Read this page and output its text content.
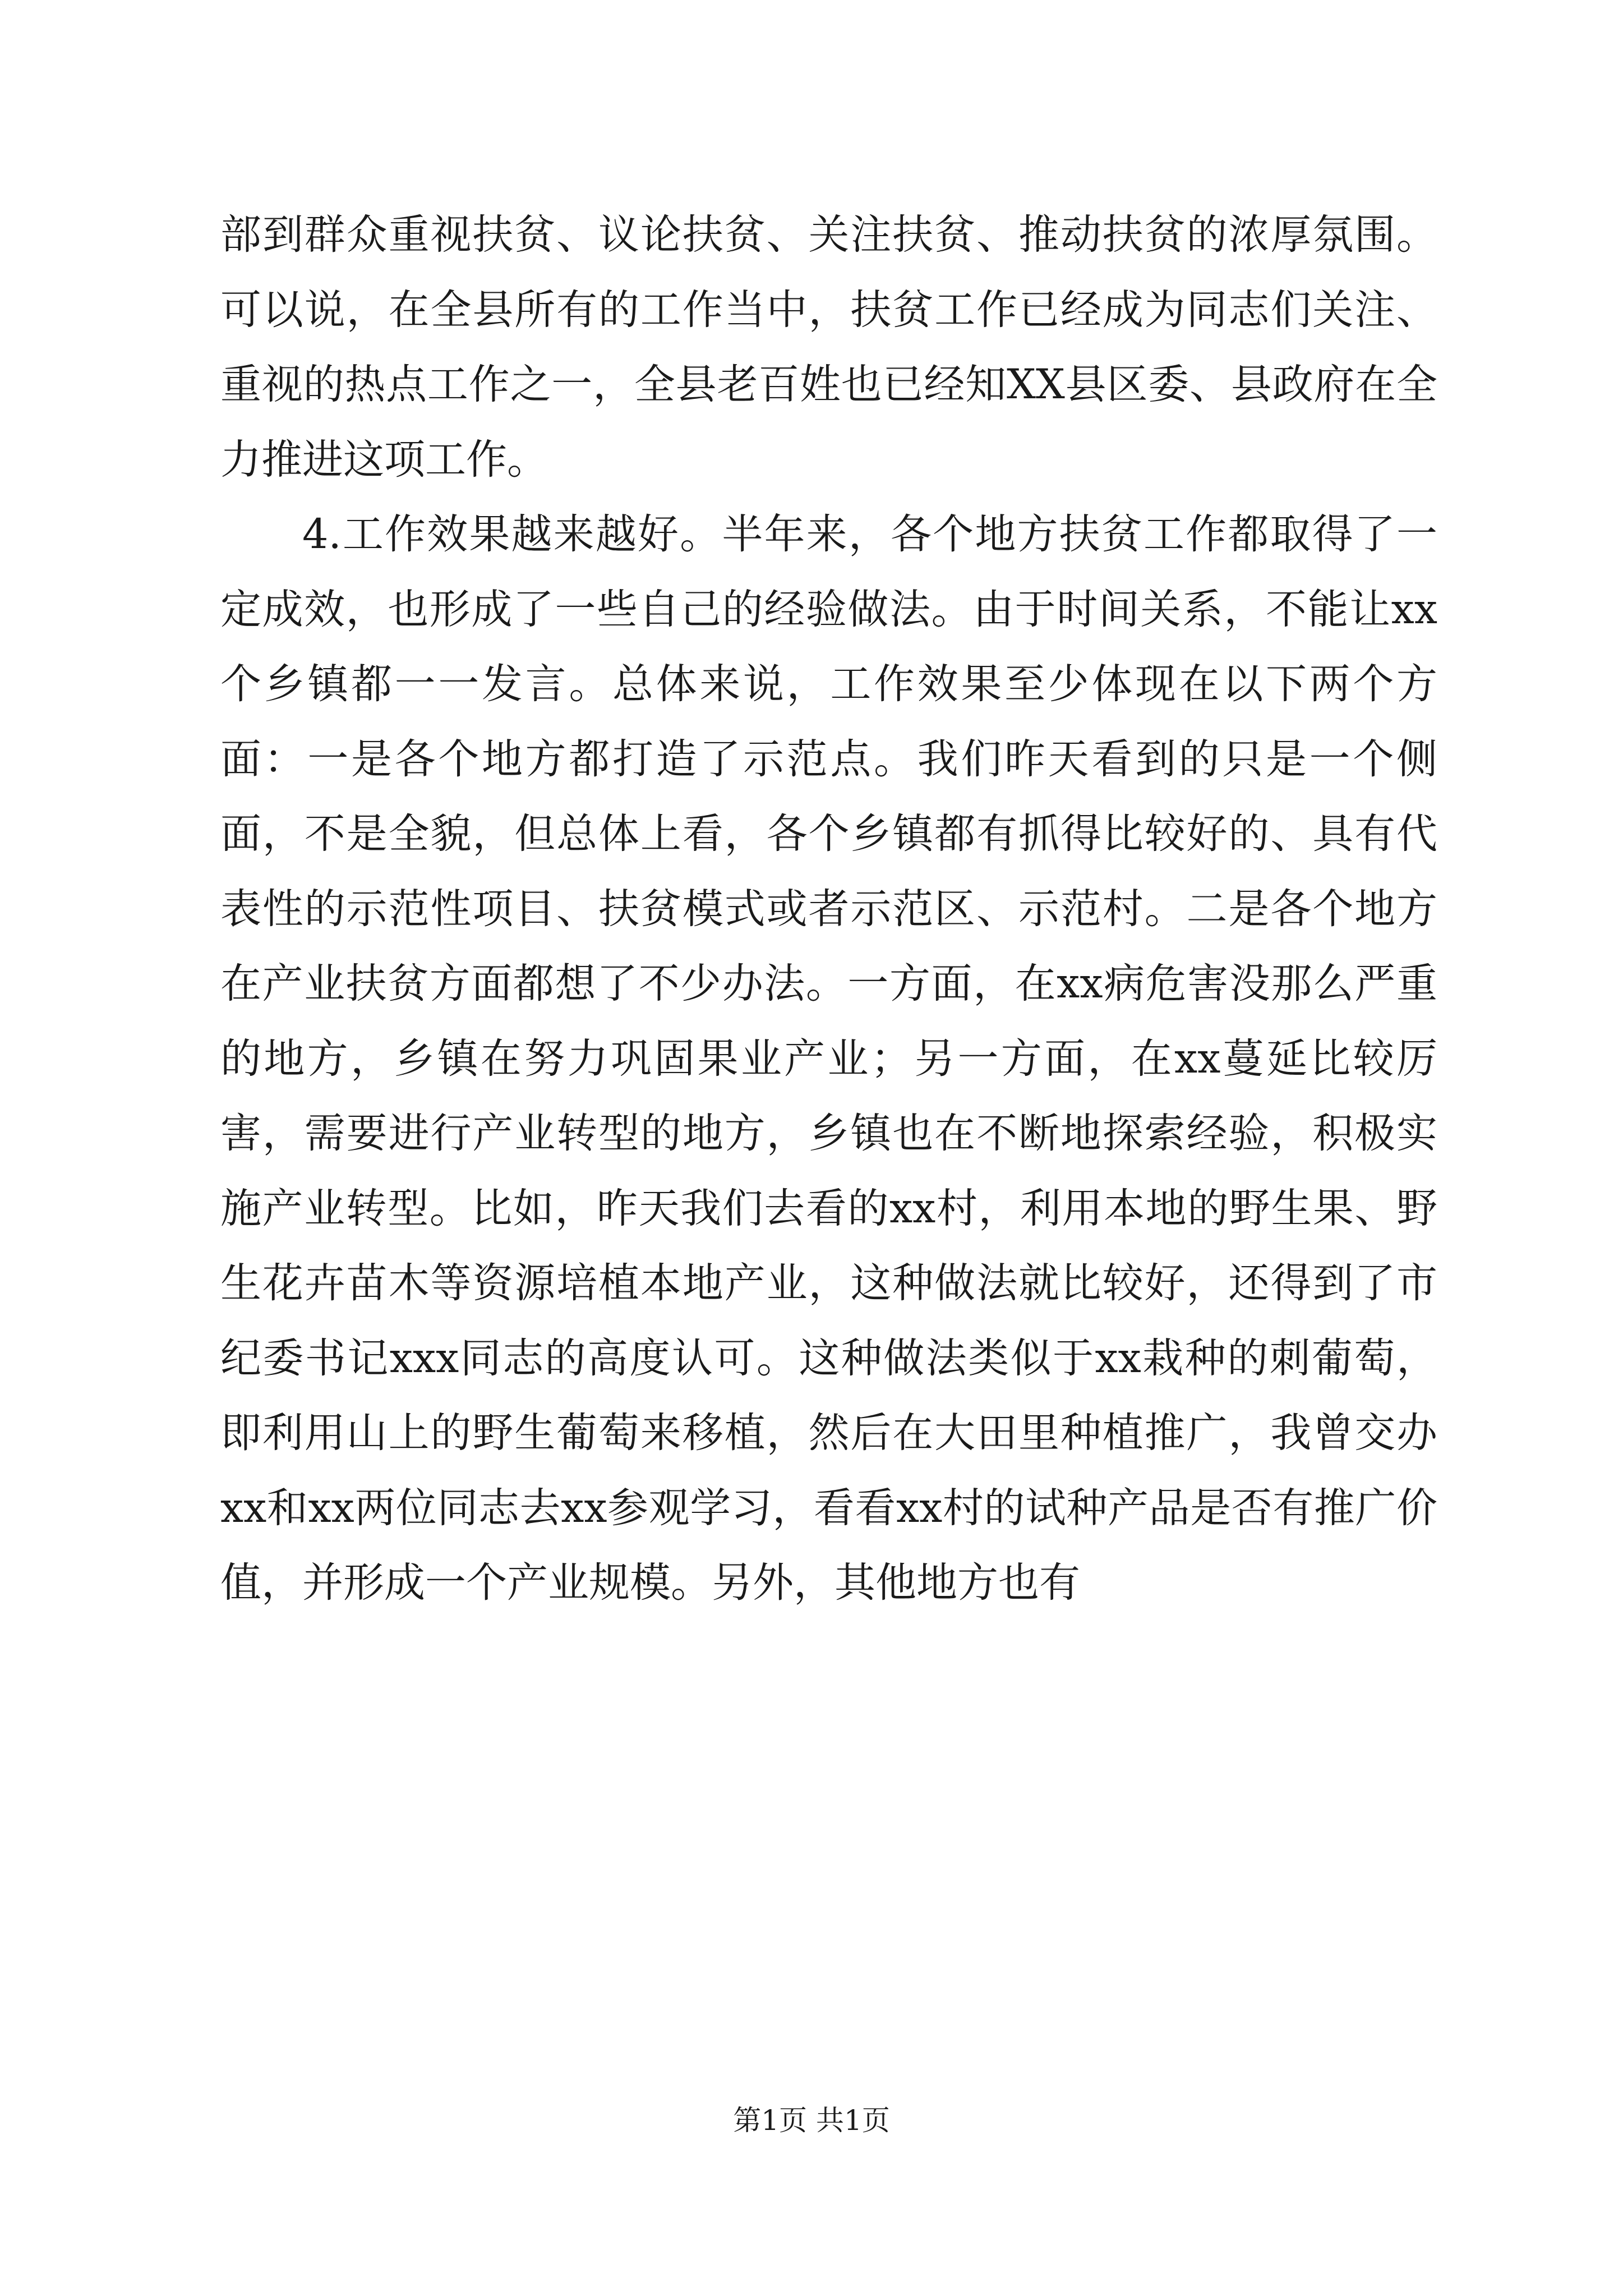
部到群众重视扶贫、议论扶贫、关注扶贫、推动扶贫的浓厚氛围。可以说，在全县所有的工作当中，扶贫工作已经成为同志们关注、重视的热点工作之一，全县老百姓也已经知XX县区委、县政府在全力推进这项工作。

4.工作效果越来越好。半年来，各个地方扶贫工作都取得了一定成效，也形成了一些自己的经验做法。由于时间关系，不能让xx个乡镇都一一发言。总体来说，工作效果至少体现在以下两个方面：一是各个地方都打造了示范点。我们昨天看到的只是一个侧面，不是全貌，但总体上看，各个乡镇都有抓得比较好的、具有代表性的示范性项目、扶贫模式或者示范区、示范村。二是各个地方在产业扶贫方面都想了不少办法。一方面，在xx病危害没那么严重的地方，乡镇在努力巩固果业产业；另一方面，在xx蔓延比较厉害，需要进行产业转型的地方，乡镇也在不断地探索经验，积极实施产业转型。比如，昨天我们去看的xx村，利用本地的野生果、野生花卉苗木等资源培植本地产业，这种做法就比较好，还得到了市纪委书记xxx同志的高度认可。这种做法类似于xx栽种的刺葡萄，即利用山上的野生葡萄来移植，然后在大田里种植推广，我曾交办xx和xx两位同志去xx参观学习，看看xx村的试种产品是否有推广价值，并形成一个产业规模。另外，其他地方也有

第1页 共1页
